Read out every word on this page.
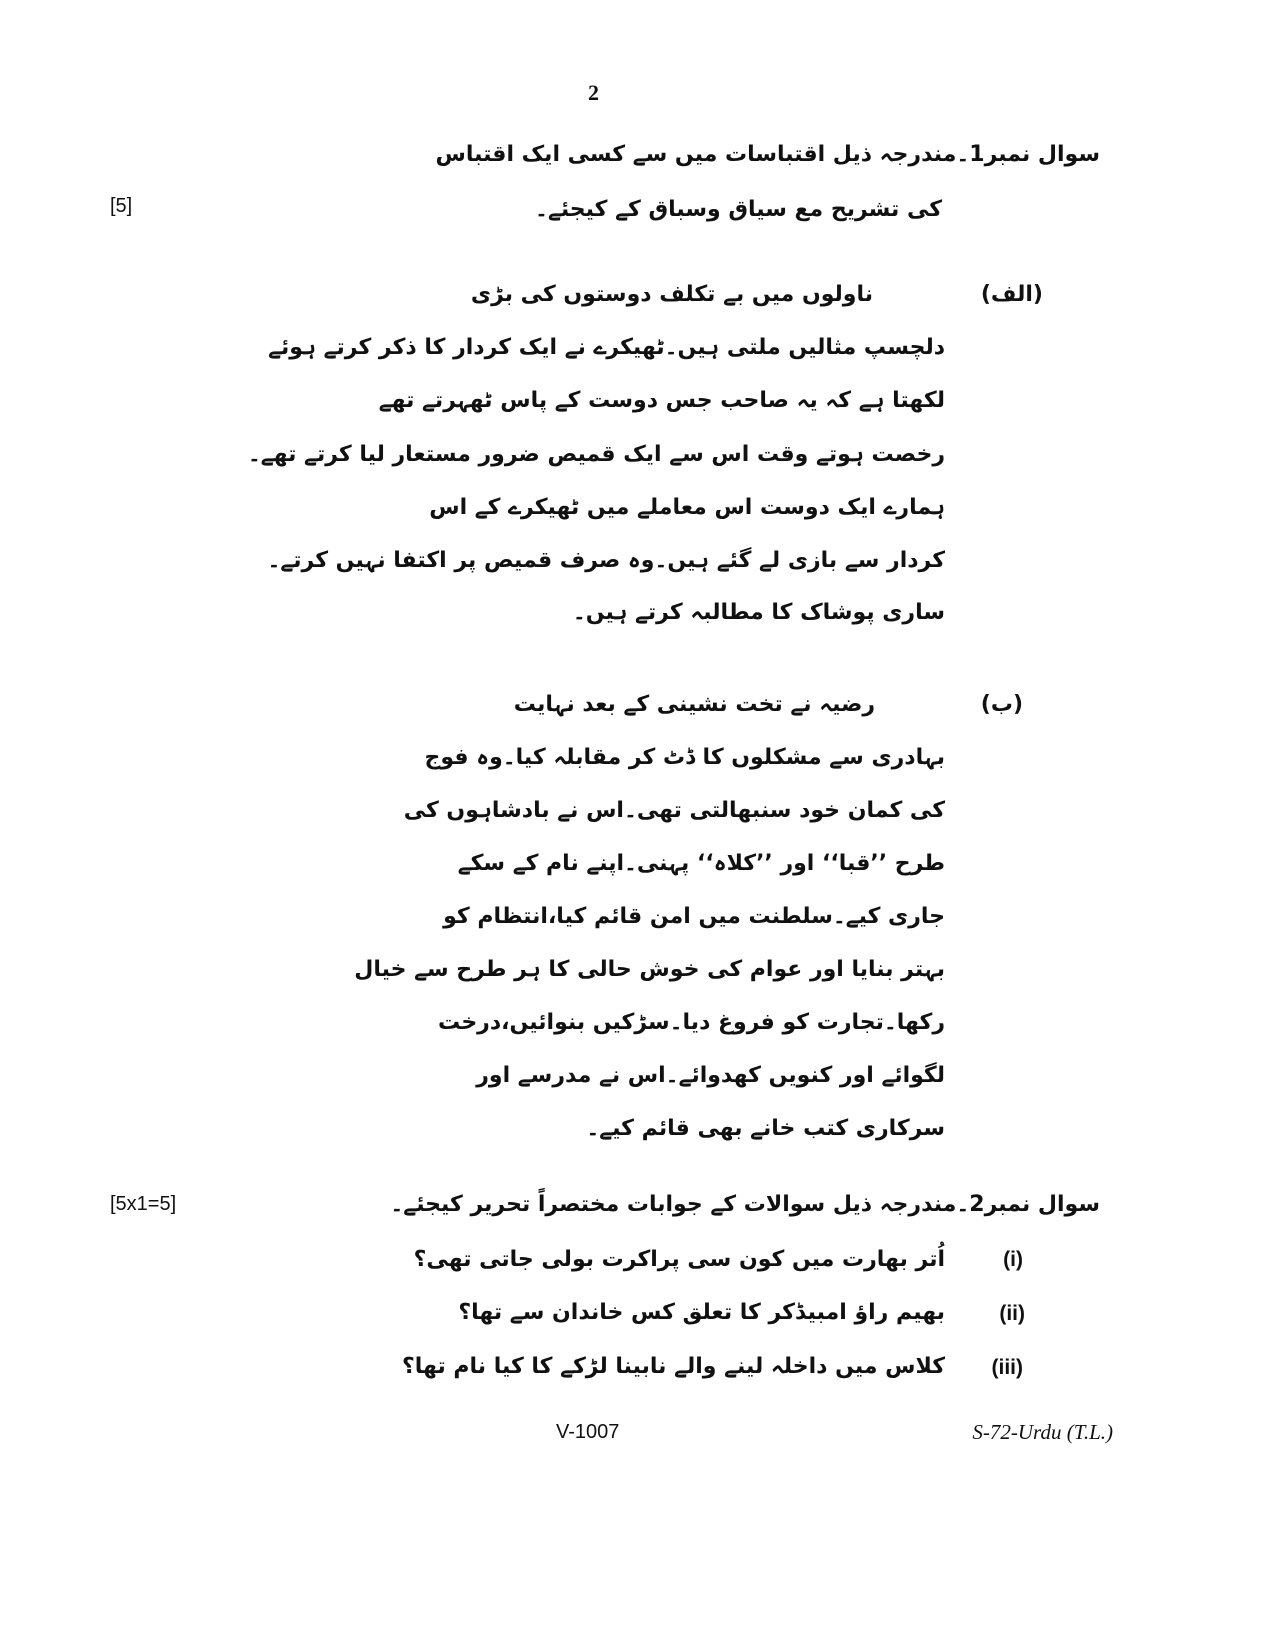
2
سوال نمبر1۔مندرجہ ذیل اقتباسات میں سے کسی ایک اقتباس
کی تشریح مع سیاق وسباق کے کیجئے۔
[5]
(الف)
ناولوں میں بے تکلف دوستوں کی بڑی
دلچسپ مثالیں ملتی ہیں۔ٹھیکرے نے ایک کردار کا ذکر کرتے ہوئے
لکھتا ہے کہ یہ صاحب جس دوست کے پاس ٹھہرتے تھے
رخصت ہوتے وقت اس سے ایک قمیص ضرور مستعار لیا کرتے تھے۔
ہمارے ایک دوست اس معاملے میں ٹھیکرے کے اس
کردار سے بازی لے گئے ہیں۔وہ صرف قمیص پر اکتفا نہیں کرتے۔
ساری پوشاک کا مطالبہ کرتے ہیں۔
(ب)
رضیہ نے تخت نشینی کے بعد نہایت
بہادری سے مشکلوں کا ڈٹ کر مقابلہ کیا۔وہ فوج
کی کمان خود سنبھالتی تھی۔اس نے بادشاہوں کی
طرح ’’قبا‘‘ اور ’’کلاہ‘‘ پہنی۔اپنے نام کے سکے
جاری کیے۔سلطنت میں امن قائم کیا،انتظام کو
بہتر بنایا اور عوام کی خوش حالی کا ہر طرح سے خیال
رکھا۔تجارت کو فروغ دیا۔سڑکیں بنوائیں،درخت
لگوائے اور کنویں کھدوائے۔اس نے مدرسے اور
سرکاری کتب خانے بھی قائم کیے۔
سوال نمبر2۔مندرجہ ذیل سوالات کے جوابات مختصراً تحریر کیجئے۔
[5x1=5]
(i)
اُتر بھارت میں کون سی پراکرت بولی جاتی تھی؟
(ii)
بھیم راؤ امبیڈکر کا تعلق کس خاندان سے تھا؟
(iii)
کلاس میں داخلہ لینے والے نابینا لڑکے کا کیا نام تھا؟
V-1007	S-72-Urdu (T.L.)
